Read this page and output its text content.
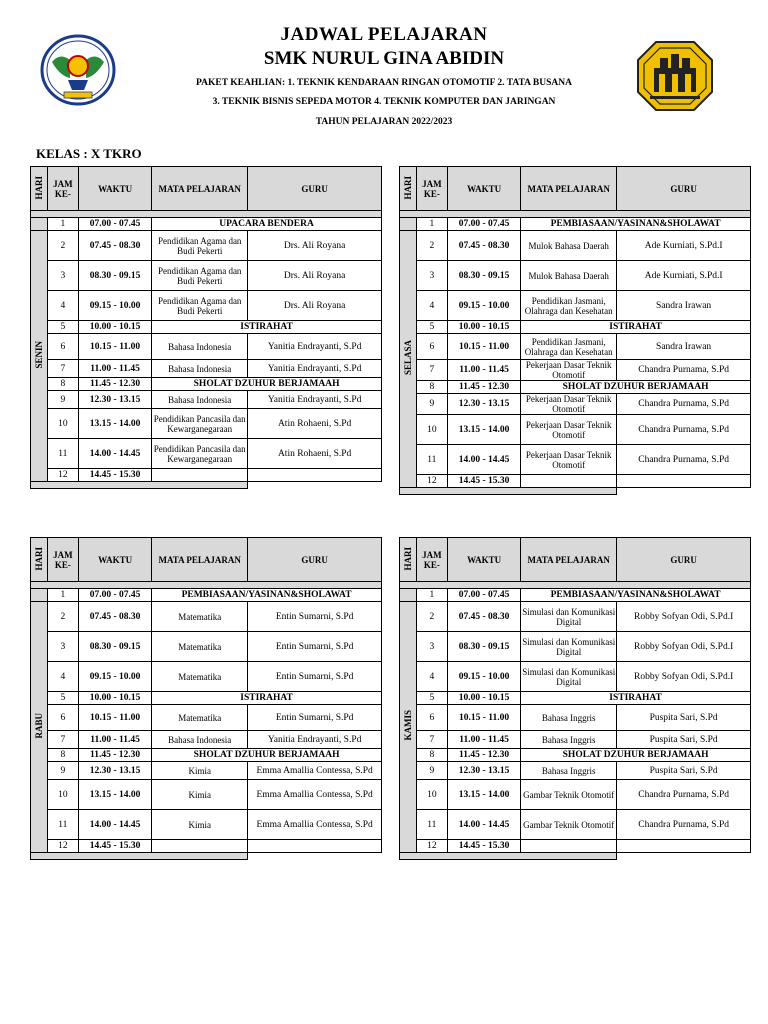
JADWAL PELAJARAN
SMK NURUL GINA ABIDIN
PAKET KEAHLIAN: 1. TEKNIK KENDARAAN RINGAN OTOMOTIF 2. TATA BUSANA
3. TEKNIK BISNIS SEPEDA MOTOR 4. TEKNIK KOMPUTER DAN JARINGAN
TAHUN PELAJARAN 2022/2023
KELAS : X TKRO
HARI	JAM KE-	WAKTU	MATA PELAJARAN	GURU

	1	07.00 - 07.45	UPACARA BENDERA	
SENIN	2	07.45 - 08.30	Pendidikan Agama dan Budi Pekerti	Drs. Ali Royana
	3	08.30 - 09.15	Pendidikan Agama dan Budi Pekerti	Drs. Ali Royana
	4	09.15 - 10.00	Pendidikan Agama dan Budi Pekerti	Drs. Ali Royana
	5	10.00 - 10.15	ISTIRAHAT	
	6	10.15 - 11.00	Bahasa Indonesia	Yanitia Endrayanti, S.Pd
	7	11.00 - 11.45	Bahasa Indonesia	Yanitia Endrayanti, S.Pd
	8	11.45 - 12.30	SHOLAT DZUHUR BERJAMAAH	
	9	12.30 - 13.15	Bahasa Indonesia	Yanitia Endrayanti, S.Pd
	10	13.15 - 14.00	Pendidikan Pancasila dan Kewarganegaraan	Atin Rohaeni, S.Pd
	11	14.00 - 14.45	Pendidikan Pancasila dan Kewarganegaraan	Atin Rohaeni, S.Pd
	12	14.45 - 15.30		

HARI	JAM KE-	WAKTU	MATA PELAJARAN	GURU

	1	07.00 - 07.45	PEMBIASAAN/YASINAN&SHOLAWAT	
SELASA	2	07.45 - 08.30	Mulok Bahasa Daerah	Ade Kurniati, S.Pd.I
	3	08.30 - 09.15	Mulok Bahasa Daerah	Ade Kurniati, S.Pd.I
	4	09.15 - 10.00	Pendidikan Jasmani, Olahraga dan Kesehatan	Sandra Irawan
	5	10.00 - 10.15	ISTIRAHAT	
	6	10.15 - 11.00	Pendidikan Jasmani, Olahraga dan Kesehatan	Sandra Irawan
	7	11.00 - 11.45	Pekerjaan Dasar Teknik Otomotif	Chandra Purnama, S.Pd
	8	11.45 - 12.30	SHOLAT DZUHUR BERJAMAAH	
	9	12.30 - 13.15	Pekerjaan Dasar Teknik Otomotif	Chandra Purnama, S.Pd
	10	13.15 - 14.00	Pekerjaan Dasar Teknik Otomotif	Chandra Purnama, S.Pd
	11	14.00 - 14.45	Pekerjaan Dasar Teknik Otomotif	Chandra Purnama, S.Pd
	12	14.45 - 15.30		

HARI	JAM KE-	WAKTU	MATA PELAJARAN	GURU

	1	07.00 - 07.45	PEMBIASAAN/YASINAN&SHOLAWAT	
RABU	2	07.45 - 08.30	Matematika	Entin Sumarni, S.Pd
	3	08.30 - 09.15	Matematika	Entin Sumarni, S.Pd
	4	09.15 - 10.00	Matematika	Entin Sumarni, S.Pd
	5	10.00 - 10.15	ISTIRAHAT	
	6	10.15 - 11.00	Matematika	Entin Sumarni, S.Pd
	7	11.00 - 11.45	Bahasa Indonesia	Yanitia Endrayanti, S.Pd
	8	11.45 - 12.30	SHOLAT DZUHUR BERJAMAAH	
	9	12.30 - 13.15	Kimia	Emma Amallia Contessa, S.Pd
	10	13.15 - 14.00	Kimia	Emma Amallia Contessa, S.Pd
	11	14.00 - 14.45	Kimia	Emma Amallia Contessa, S.Pd
	12	14.45 - 15.30		

HARI	JAM KE-	WAKTU	MATA PELAJARAN	GURU

	1	07.00 - 07.45	PEMBIASAAN/YASINAN&SHOLAWAT	
KAMIS	2	07.45 - 08.30	Simulasi dan Komunikasi Digital	Robby Sofyan Odi, S.Pd.I
	3	08.30 - 09.15	Simulasi dan Komunikasi Digital	Robby Sofyan Odi, S.Pd.I
	4	09.15 - 10.00	Simulasi dan Komunikasi Digital	Robby Sofyan Odi, S.Pd.I
	5	10.00 - 10.15	ISTIRAHAT	
	6	10.15 - 11.00	Bahasa Inggris	Puspita Sari, S.Pd
	7	11.00 - 11.45	Bahasa Inggris	Puspita Sari, S.Pd
	8	11.45 - 12.30	SHOLAT DZUHUR BERJAMAAH	
	9	12.30 - 13.15	Bahasa Inggris	Puspita Sari, S.Pd
	10	13.15 - 14.00	Gambar Teknik Otomotif	Chandra Purnama, S.Pd
	11	14.00 - 14.45	Gambar Teknik Otomotif	Chandra Purnama, S.Pd
	12	14.45 - 15.30		
